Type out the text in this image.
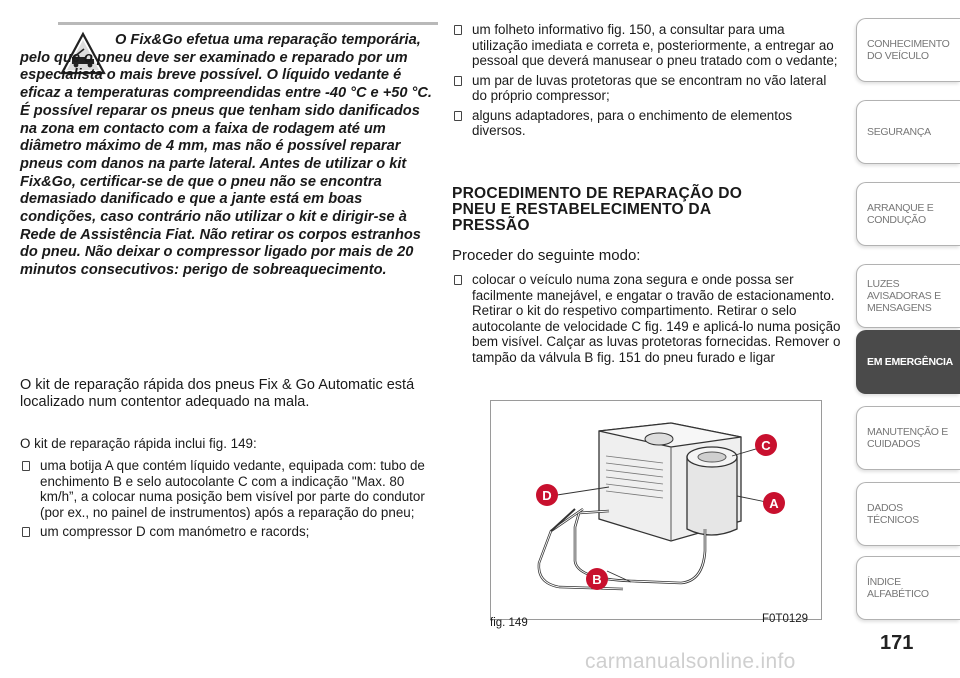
O Fix&Go efetua uma reparação temporária, pelo que o pneu deve ser examinado e reparado por um especialista o mais breve possível. O líquido vedante é eficaz a temperaturas compreendidas entre -40 °C e +50 °C. É possível reparar os pneus que tenham sido danificados na zona em contacto com a faixa de rodagem até um diâmetro máximo de 4 mm, mas não é possível reparar pneus com danos na parte lateral. Antes de utilizar o kit Fix&Go, certificar-se de que o pneu não se encontra demasiado danificado e que a jante está em boas condições, caso contrário não utilizar o kit e dirigir-se à Rede de Assistência Fiat. Não retirar os corpos estranhos do pneu. Não deixar o compressor ligado por mais de 20 minutos consecutivos: perigo de sobreaquecimento.

O kit de reparação rápida dos pneus Fix & Go Automatic está localizado num contentor adequado na mala.

O kit de reparação rápida inclui fig. 149:

uma botija A que contém líquido vedante, equipada com: tubo de enchimento B e selo autocolante C com a indicação "Max. 80 km/h”, a colocar numa posição bem visível por parte do condutor (por ex., no painel de instrumentos) após a reparação do pneu;
um compressor D com manómetro e racords;
um folheto informativo fig. 150, a consultar para uma utilização imediata e correta e, posteriormente, a entregar ao pessoal que deverá manusear o pneu tratado com o vedante;
um par de luvas protetoras que se encontram no vão lateral do próprio compressor;
alguns adaptadores, para o enchimento de elementos diversos.
PROCEDIMENTO DE REPARAÇÃO DO PNEU E RESTABELECIMENTO DA PRESSÃO

Proceder do seguinte modo:

colocar o veículo numa zona segura e onde possa ser facilmente manejável, e engatar o travão de estacionamento. Retirar o kit do respetivo compartimento. Retirar o selo autocolante de velocidade C fig. 149 e aplicá-lo numa posição bem visível. Calçar as luvas protetoras fornecidas. Remover o tampão da válvula B fig. 151 do pneu furado e ligar
C
D
A
B
fig. 149	F0T0129
CONHECIMENTO DO VEÍCULO
SEGURANÇA
ARRANQUE E CONDUÇÃO
LUZES AVISADORAS E MENSAGENS
EM EMERGÊNCIA
MANUTENÇÃO E CUIDADOS
DADOS TÉCNICOS
ÍNDICE ALFABÉTICO
171
carmanualsonline.info
